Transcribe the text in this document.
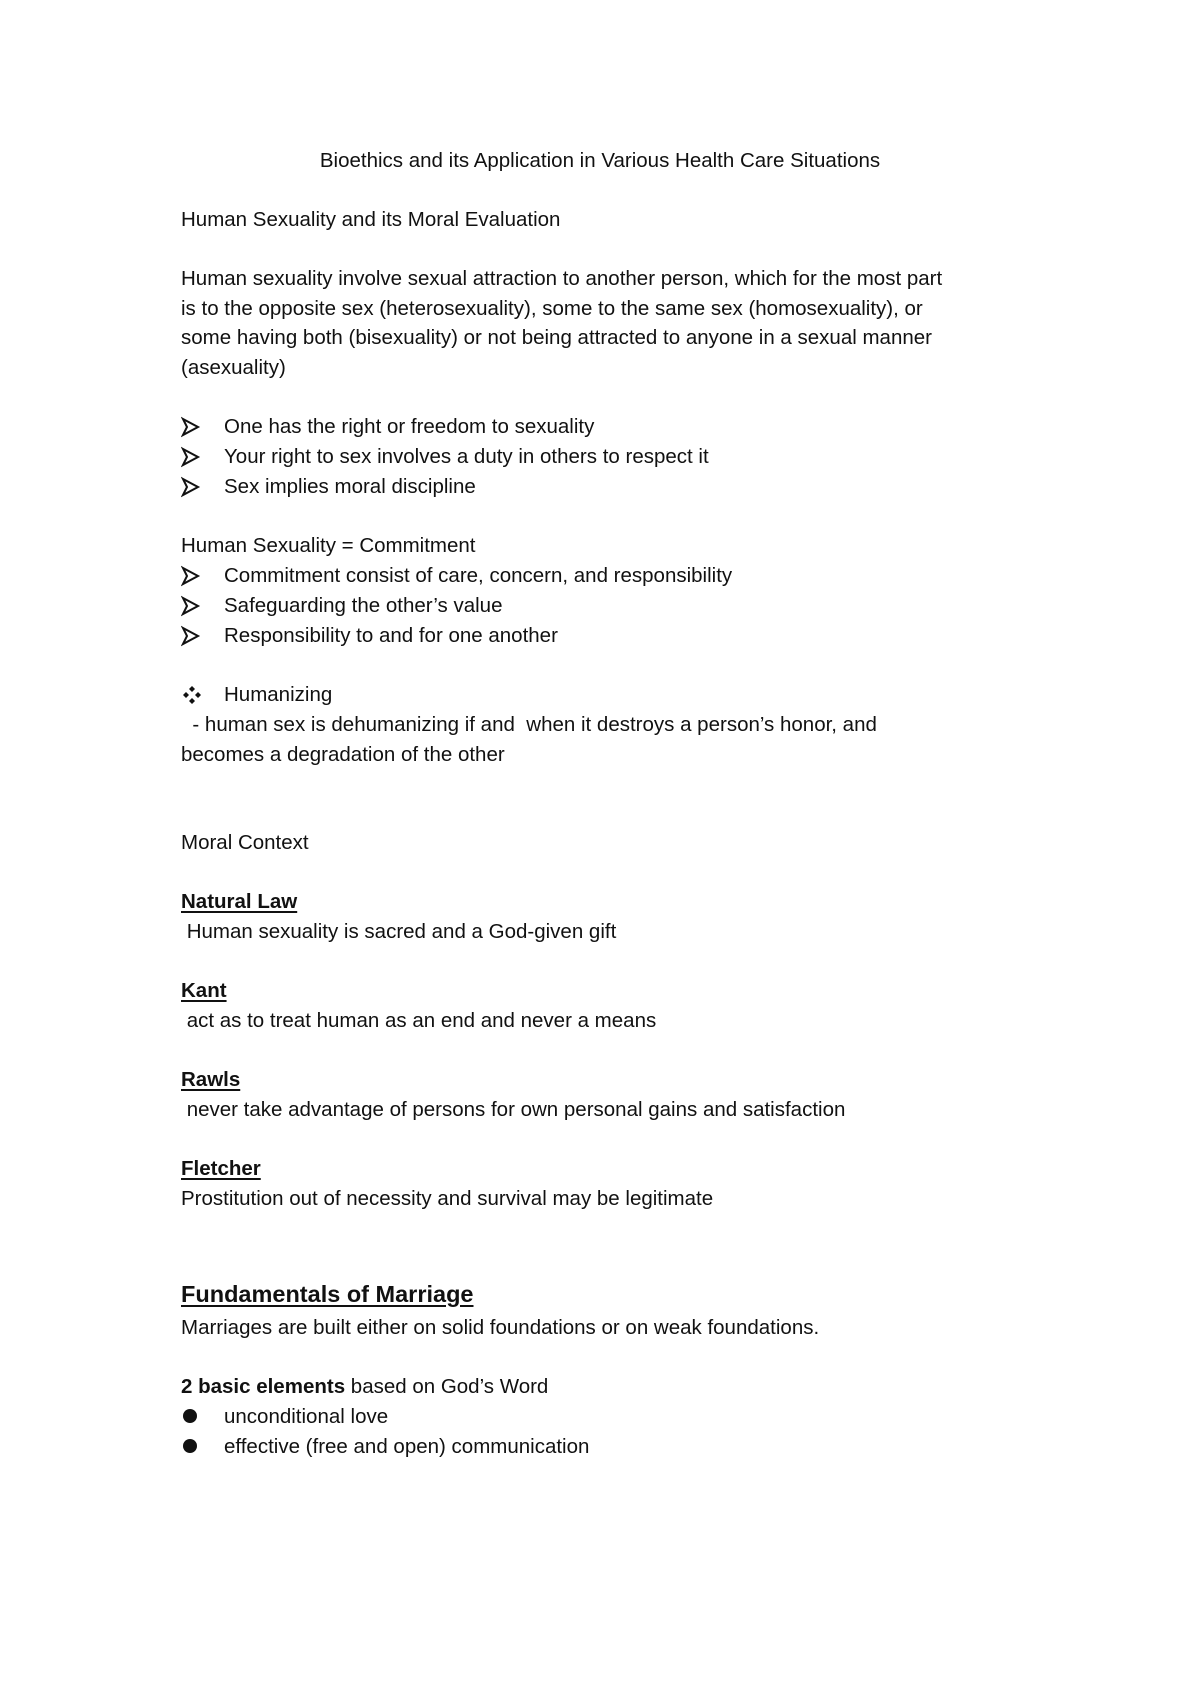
Bioethics and its Application in Various Health Care Situations
Human Sexuality and its Moral Evaluation
Human sexuality involve sexual attraction to another person, which for the most part
is to the opposite sex (heterosexuality), some to the same sex (homosexuality), or
some having both (bisexuality) or not being attracted to anyone in a sexual manner
(asexuality)
One has the right or freedom to sexuality
Your right to sex involves a duty in others to respect it
Sex implies moral discipline
Human Sexuality = Commitment
Commitment consist of care, concern, and responsibility
Safeguarding the other’s value
Responsibility to and for one another
Humanizing
- human sex is dehumanizing if and  when it destroys a person’s honor, and
becomes a degradation of the other
Moral Context
Natural Law
Human sexuality is sacred and a God-given gift
Kant
act as to treat human as an end and never a means
Rawls
never take advantage of persons for own personal gains and satisfaction
Fletcher
Prostitution out of necessity and survival may be legitimate
Fundamentals of Marriage
Marriages are built either on solid foundations or on weak foundations.
2 basic elements based on God’s Word
unconditional love
effective (free and open) communication
